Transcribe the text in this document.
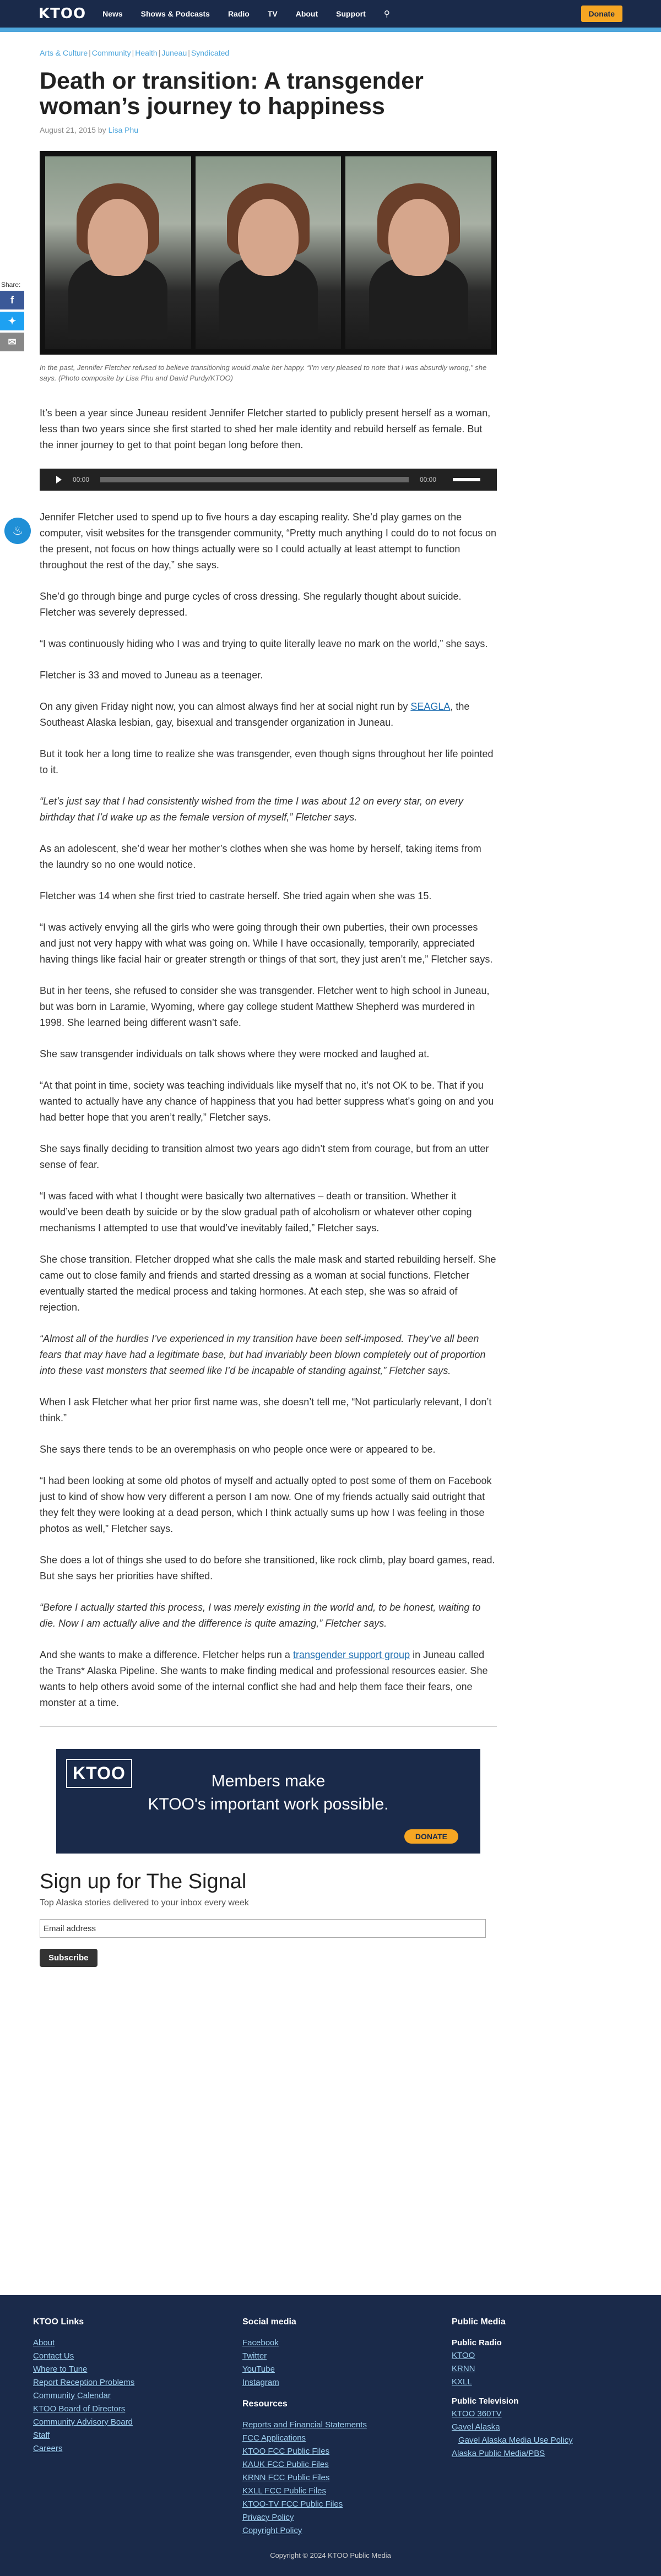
KTOO News Shows & Podcasts Radio TV About Support ⚲	Donate
Share:
f
✦
✉
♨
Arts & Culture | Community | Health | Juneau | Syndicated
Death or transition: A transgender woman’s journey to happiness
August 21, 2015 by Lisa Phu

In the past, Jennifer Fletcher refused to believe transitioning would make her happy. “I’m very pleased to note that I was absurdly wrong,” she says. (Photo composite by Lisa Phu and David Purdy/KTOO)

It’s been a year since Juneau resident Jennifer Fletcher started to publicly present herself as a woman, less than two years since she first started to shed her male identity and rebuild herself as female. But the inner journey to get to that point began long before then.

00:00	00:00

Jennifer Fletcher used to spend up to five hours a day escaping reality. She’d play games on the computer, visit websites for the transgender community, “Pretty much anything I could do to not focus on the present, not focus on how things actually were so I could actually at least attempt to function throughout the rest of the day,” she says.

She’d go through binge and purge cycles of cross dressing. She regularly thought about suicide. Fletcher was severely depressed.

“I was continuously hiding who I was and trying to quite literally leave no mark on the world,” she says.

Fletcher is 33 and moved to Juneau as a teenager.

On any given Friday night now, you can almost always find her at social night run by SEAGLA, the Southeast Alaska lesbian, gay, bisexual and transgender organization in Juneau.

But it took her a long time to realize she was transgender, even though signs throughout her life pointed to it.

“Let’s just say that I had consistently wished from the time I was about 12 on every star, on every birthday that I’d wake up as the female version of myself,” Fletcher says.

As an adolescent, she’d wear her mother’s clothes when she was home by herself, taking items from the laundry so no one would notice.

Fletcher was 14 when she first tried to castrate herself. She tried again when she was 15.

“I was actively envying all the girls who were going through their own puberties, their own processes and just not very happy with what was going on. While I have occasionally, temporarily, appreciated having things like facial hair or greater strength or things of that sort, they just aren’t me,” Fletcher says.

But in her teens, she refused to consider she was transgender. Fletcher went to high school in Juneau, but was born in Laramie, Wyoming, where gay college student Matthew Shepherd was murdered in 1998. She learned being different wasn’t safe.

She saw transgender individuals on talk shows where they were mocked and laughed at.

“At that point in time, society was teaching individuals like myself that no, it’s not OK to be. That if you wanted to actually have any chance of happiness that you had better suppress what’s going on and you had better hope that you aren’t really,” Fletcher says.

She says finally deciding to transition almost two years ago didn’t stem from courage, but from an utter sense of fear.

“I was faced with what I thought were basically two alternatives – death or transition. Whether it would’ve been death by suicide or by the slow gradual path of alcoholism or whatever other coping mechanisms I attempted to use that would’ve inevitably failed,” Fletcher says.

She chose transition. Fletcher dropped what she calls the male mask and started rebuilding herself. She came out to close family and friends and started dressing as a woman at social functions. Fletcher eventually started the medical process and taking hormones. At each step, she was so afraid of rejection.

“Almost all of the hurdles I’ve experienced in my transition have been self-imposed. They’ve all been fears that may have had a legitimate base, but had invariably been blown completely out of proportion into these vast monsters that seemed like I’d be incapable of standing against,” Fletcher says.

When I ask Fletcher what her prior first name was, she doesn’t tell me, “Not particularly relevant, I don’t think.”

She says there tends to be an overemphasis on who people once were or appeared to be.

“I had been looking at some old photos of myself and actually opted to post some of them on Facebook just to kind of show how very different a person I am now. One of my friends actually said outright that they felt they were looking at a dead person, which I think actually sums up how I was feeling in those photos as well,” Fletcher says.

She does a lot of things she used to do before she transitioned, like rock climb, play board games, read. But she says her priorities have shifted.

“Before I actually started this process, I was merely existing in the world and, to be honest, waiting to die. Now I am actually alive and the difference is quite amazing,” Fletcher says.

And she wants to make a difference. Fletcher helps run a transgender support group in Juneau called the Trans* Alaska Pipeline. She wants to make finding medical and professional resources easier. She wants to help others avoid some of the internal conflict she had and help them face their fears, one monster at a time.

KTOO	Members make
KTOO's important work possible.
DONATE
Sign up for The Signal
Top Alaska stories delivered to your inbox every week
Email address
Subscribe
KTOO Links
About
Contact Us
Where to Tune
Report Reception Problems
Community Calendar
KTOO Board of Directors
Community Advisory Board
Staff
Careers
Social media
Facebook
Twitter
YouTube
Instagram
Resources
Reports and Financial Statements
FCC Applications
KTOO FCC Public Files
KAUK FCC Public Files
KRNN FCC Public Files
KXLL FCC Public Files
KTOO-TV FCC Public Files
Privacy Policy
Copyright Policy
Public Media
Public Radio
KTOO
KRNN
KXLL
Public Television
KTOO 360TV
Gavel Alaska
Gavel Alaska Media Use Policy
Alaska Public Media/PBS
Copyright © 2024 KTOO Public Media
